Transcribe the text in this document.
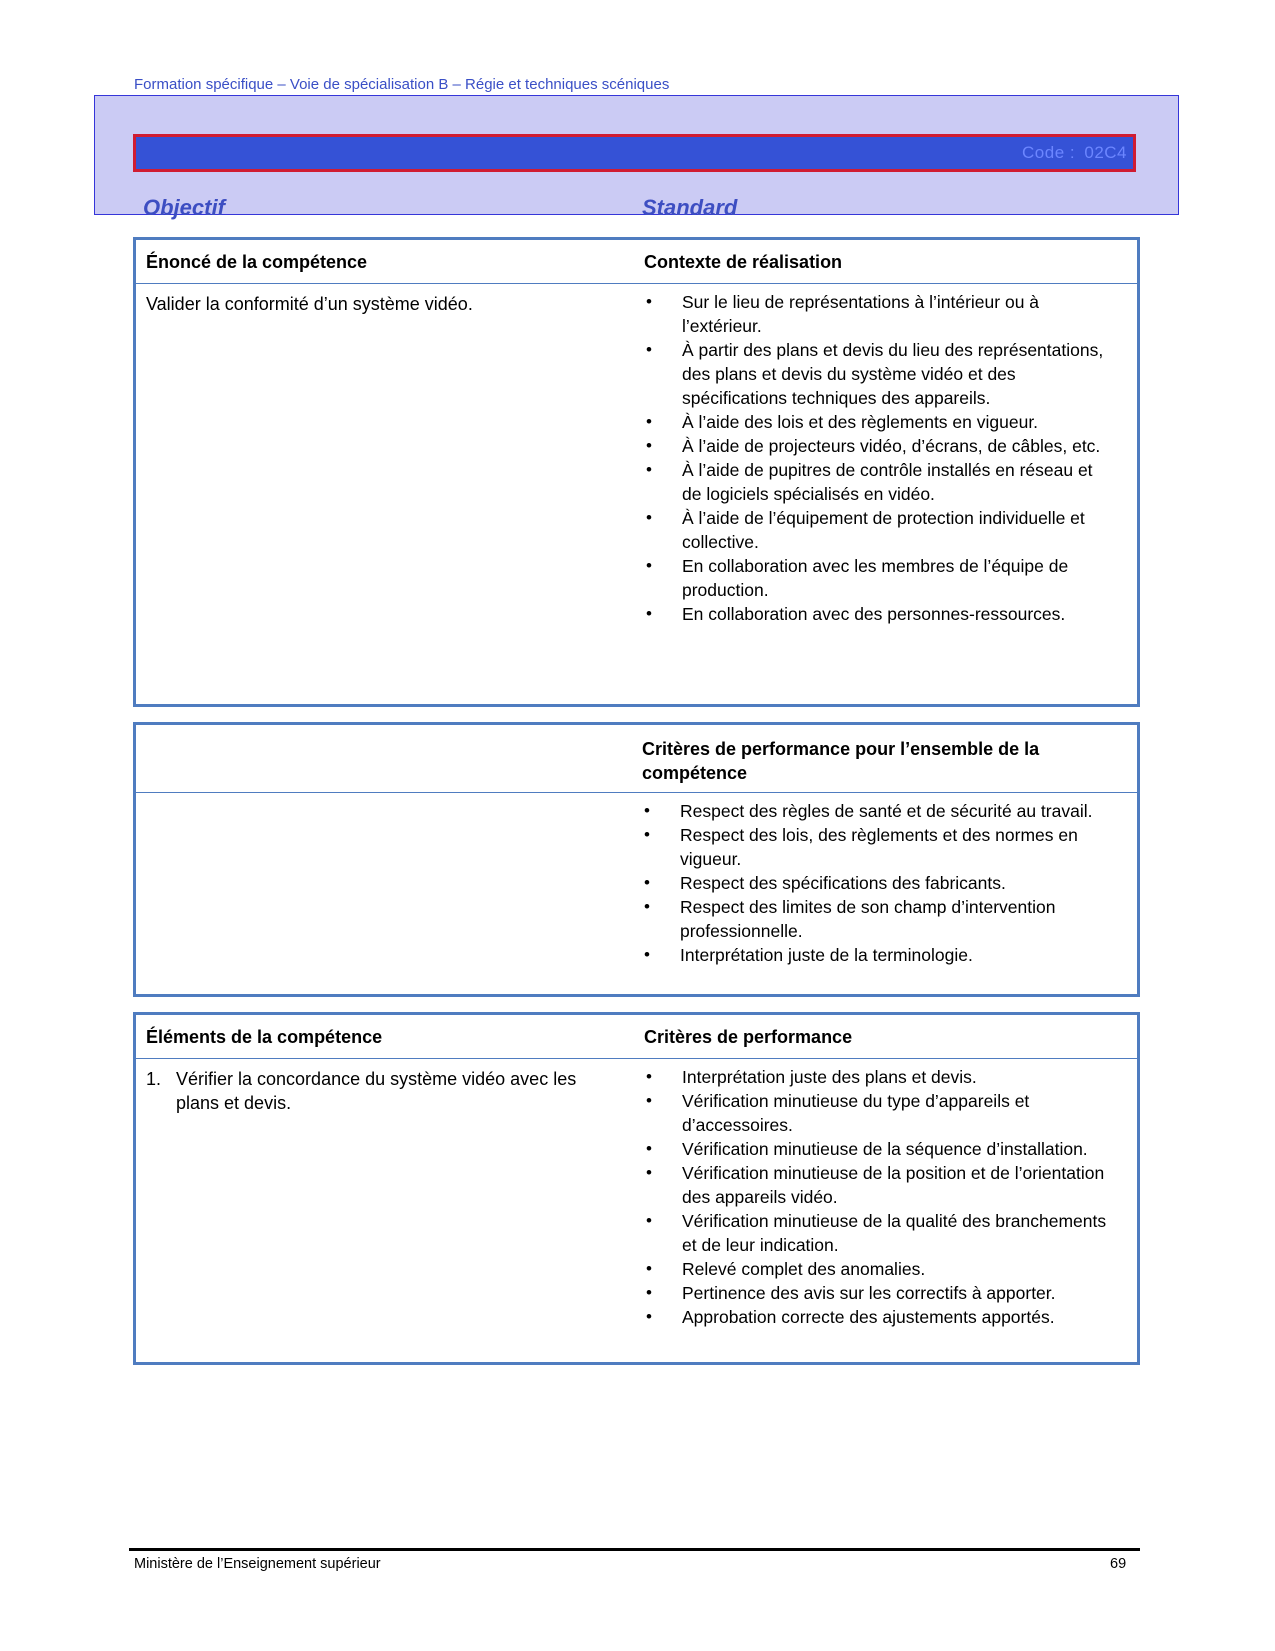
Formation spécifique – Voie de spécialisation B – Régie et techniques scéniques
Code : 02C4
Objectif	Standard
Énoncé de la compétence	Contexte de réalisation
Valider la conformité d’un système vidéo.
•	Sur le lieu de représentations à l’intérieur ou à l’extérieur.
• À partir des plans et devis du lieu des représentations, des plans et devis du système vidéo et des spécifications techniques des appareils.
• À l’aide des lois et des règlements en vigueur.
• À l’aide de projecteurs vidéo, d’écrans, de câbles, etc.
• À l’aide de pupitres de contrôle installés en réseau et de logiciels spécialisés en vidéo.
• À l’aide de l’équipement de protection individuelle et collective.
• En collaboration avec les membres de l’équipe de production.
• En collaboration avec des personnes-ressources.
Critères de performance pour l’ensemble de la compétence
• Respect des règles de santé et de sécurité au travail.
• Respect des lois, des règlements et des normes en vigueur.
• Respect des spécifications des fabricants.
• Respect des limites de son champ d’intervention professionnelle.
• Interprétation juste de la terminologie.
Éléments de la compétence	Critères de performance
1. Vérifier la concordance du système vidéo avec les plans et devis.
• Interprétation juste des plans et devis.
• Vérification minutieuse du type d’appareils et d’accessoires.
• Vérification minutieuse de la séquence d’installation.
• Vérification minutieuse de la position et de l’orientation des appareils vidéo.
• Vérification minutieuse de la qualité des branchements et de leur indication.
• Relevé complet des anomalies.
• Pertinence des avis sur les correctifs à apporter.
• Approbation correcte des ajustements apportés.
Ministère de l’Enseignement supérieur	69
